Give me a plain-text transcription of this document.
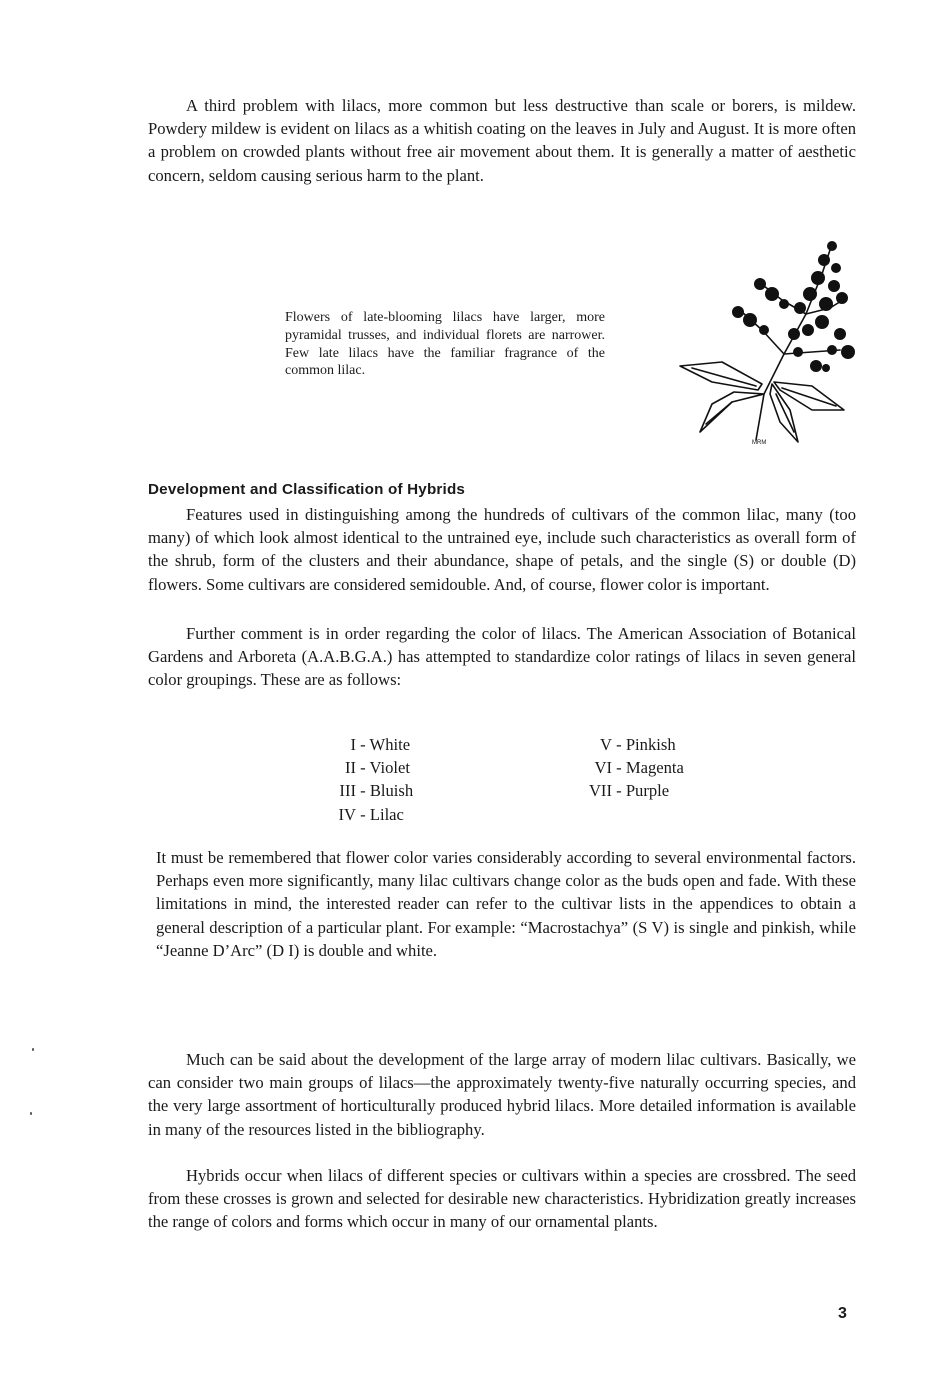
A third problem with lilacs, more common but less destructive than scale or borers, is mildew. Powdery mildew is evident on lilacs as a whitish coating on the leaves in July and August. It is more often a problem on crowded plants without free air movement about them. It is generally a matter of aesthetic concern, seldom causing serious harm to the plant.

MRM

Flowers of late-blooming lilacs have larger, more pyramidal trusses, and individual florets are narrower. Few late lilacs have the familiar fragrance of the common lilac.

Development and Classification of Hybrids

Features used in distinguishing among the hundreds of cultivars of the common lilac, many (too many) of which look almost identical to the untrained eye, include such characteristics as overall form of the shrub, form of the clusters and their abundance, shape of petals, and the single (S) or double (D) flowers. Some cultivars are considered semidouble. And, of course, flower color is important.

Further comment is in order regarding the color of lilacs. The American Association of Botanical Gardens and Arboreta (A.A.B.G.A.) has attempted to standardize color ratings of lilacs in seven general color groupings. These are as follows:

I - White
II - Violet
III - Bluish
IV - Lilac
V - Pinkish
VI - Magenta
VII - Purple

It must be remembered that flower color varies considerably according to several environmental factors. Perhaps even more significantly, many lilac cultivars change color as the buds open and fade. With these limitations in mind, the interested reader can refer to the cultivar lists in the appendices to obtain a general description of a particular plant. For example: “Macrostachya” (S V) is single and pinkish, while “Jeanne D’Arc” (D I) is double and white.

Much can be said about the development of the large array of modern lilac cultivars. Basically, we can consider two main groups of lilacs—the approximately twenty-five naturally occurring species, and the very large assortment of horticulturally produced hybrid lilacs. More detailed information is available in many of the resources listed in the bibliography.

Hybrids occur when lilacs of different species or cultivars within a species are crossbred. The seed from these crosses is grown and selected for desirable new characteristics. Hybridization greatly increases the range of colors and forms which occur in many of our ornamental plants.

3
